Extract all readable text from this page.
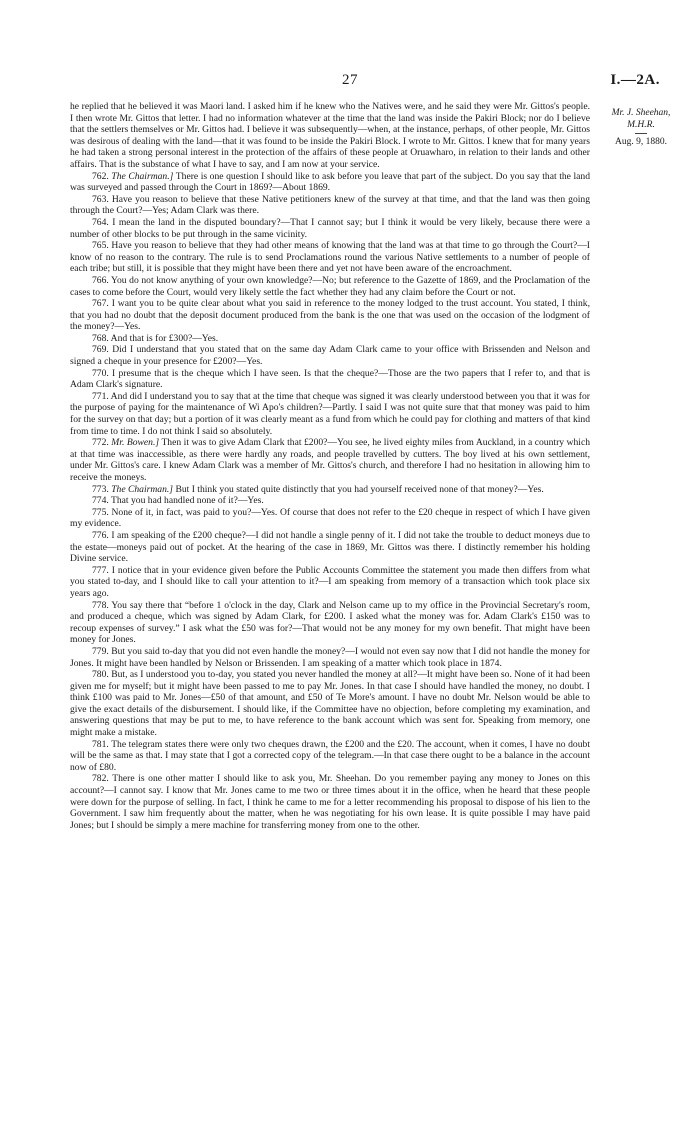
27	I.—2A.
Mr. J. Sheehan,
M.H.R.
Aug. 9, 1880.

he replied that he believed it was Maori land. I asked him if he knew who the Natives were, and he said they were Mr. Gittos's people. I then wrote Mr. Gittos that letter. I had no information whatever at the time that the land was inside the Pakiri Block; nor do I believe that the settlers themselves or Mr. Gittos had. I believe it was subsequently—when, at the instance, perhaps, of other people, Mr. Gittos was desirous of dealing with the land—that it was found to be inside the Pakiri Block. I wrote to Mr. Gittos. I knew that for many years he had taken a strong personal interest in the protection of the affairs of these people at Oruawharo, in relation to their lands and other affairs. That is the substance of what I have to say, and I am now at your service.

762. The Chairman.] There is one question I should like to ask before you leave that part of the subject. Do you say that the land was surveyed and passed through the Court in 1869?—About 1869.

763. Have you reason to believe that these Native petitioners knew of the survey at that time, and that the land was then going through the Court?—Yes; Adam Clark was there.

764. I mean the land in the disputed boundary?—That I cannot say; but I think it would be very likely, because there were a number of other blocks to be put through in the same vicinity.

765. Have you reason to believe that they had other means of knowing that the land was at that time to go through the Court?—I know of no reason to the contrary. The rule is to send Proclamations round the various Native settlements to a number of people of each tribe; but still, it is possible that they might have been there and yet not have been aware of the encroachment.

766. You do not know anything of your own knowledge?—No; but reference to the Gazette of 1869, and the Proclamation of the cases to come before the Court, would very likely settle the fact whether they had any claim before the Court or not.

767. I want you to be quite clear about what you said in reference to the money lodged to the trust account. You stated, I think, that you had no doubt that the deposit document produced from the bank is the one that was used on the occasion of the lodgment of the money?—Yes.

768. And that is for £300?—Yes.

769. Did I understand that you stated that on the same day Adam Clark came to your office with Brissenden and Nelson and signed a cheque in your presence for £200?—Yes.

770. I presume that is the cheque which I have seen. Is that the cheque?—Those are the two papers that I refer to, and that is Adam Clark's signature.

771. And did I understand you to say that at the time that cheque was signed it was clearly understood between you that it was for the purpose of paying for the maintenance of Wi Apo's children?—Partly. I said I was not quite sure that that money was paid to him for the survey on that day; but a portion of it was clearly meant as a fund from which he could pay for clothing and matters of that kind from time to time. I do not think I said so absolutely.

772. Mr. Bowen.] Then it was to give Adam Clark that £200?—You see, he lived eighty miles from Auckland, in a country which at that time was inaccessible, as there were hardly any roads, and people travelled by cutters. The boy lived at his own settlement, under Mr. Gittos's care. I knew Adam Clark was a member of Mr. Gittos's church, and therefore I had no hesitation in allowing him to receive the moneys.

773. The Chairman.] But I think you stated quite distinctly that you had yourself received none of that money?—Yes.

774. That you had handled none of it?—Yes.

775. None of it, in fact, was paid to you?—Yes. Of course that does not refer to the £20 cheque in respect of which I have given my evidence.

776. I am speaking of the £200 cheque?—I did not handle a single penny of it. I did not take the trouble to deduct moneys due to the estate—moneys paid out of pocket. At the hearing of the case in 1869, Mr. Gittos was there. I distinctly remember his holding Divine service.

777. I notice that in your evidence given before the Public Accounts Committee the statement you made then differs from what you stated to-day, and I should like to call your attention to it?—I am speaking from memory of a transaction which took place six years ago.

778. You say there that “before 1 o'clock in the day, Clark and Nelson came up to my office in the Provincial Secretary's room, and produced a cheque, which was signed by Adam Clark, for £200. I asked what the money was for. Adam Clark's £150 was to recoup expenses of survey.” I ask what the £50 was for?—That would not be any money for my own benefit. That might have been money for Jones.

779. But you said to-day that you did not even handle the money?—I would not even say now that I did not handle the money for Jones. It might have been handled by Nelson or Brissenden. I am speaking of a matter which took place in 1874.

780. But, as I understood you to-day, you stated you never handled the money at all?—It might have been so. None of it had been given me for myself; but it might have been passed to me to pay Mr. Jones. In that case I should have handled the money, no doubt. I think £100 was paid to Mr. Jones—£50 of that amount, and £50 of Te More's amount. I have no doubt Mr. Nelson would be able to give the exact details of the disbursement. I should like, if the Committee have no objection, before completing my examination, and answering questions that may be put to me, to have reference to the bank account which was sent for. Speaking from memory, one might make a mistake.

781. The telegram states there were only two cheques drawn, the £200 and the £20. The account, when it comes, I have no doubt will be the same as that. I may state that I got a corrected copy of the telegram.—In that case there ought to be a balance in the account now of £80.

782. There is one other matter I should like to ask you, Mr. Sheehan. Do you remember paying any money to Jones on this account?—I cannot say. I know that Mr. Jones came to me two or three times about it in the office, when he heard that these people were down for the purpose of selling. In fact, I think he came to me for a letter recommending his proposal to dispose of his lien to the Government. I saw him frequently about the matter, when he was negotiating for his own lease. It is quite possible I may have paid Jones; but I should be simply a mere machine for transferring money from one to the other.
